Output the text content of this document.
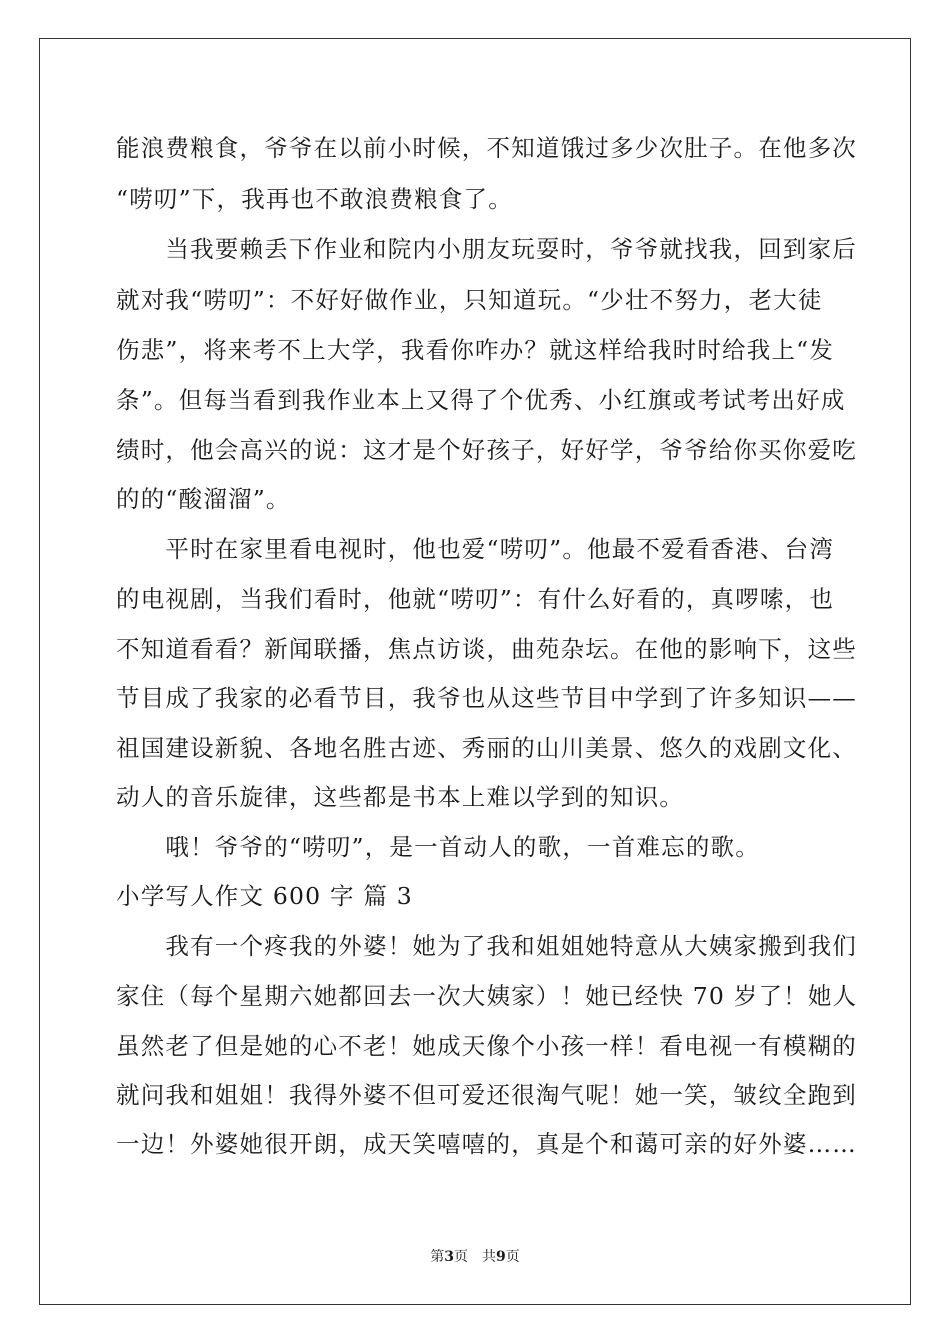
能浪费粮食，爷爷在以前小时候，不知道饿过多少次肚子。在他多次
“唠叨”下，我再也不敢浪费粮食了。
　　当我要赖丢下作业和院内小朋友玩耍时，爷爷就找我，回到家后
就对我“唠叨”：不好好做作业，只知道玩。“少壮不努力，老大徒
伤悲”，将来考不上大学，我看你咋办？就这样给我时时给我上“发
条”。但每当看到我作业本上又得了个优秀、小红旗或考试考出好成
绩时，他会高兴的说：这才是个好孩子，好好学，爷爷给你买你爱吃
的的“酸溜溜”。
　　平时在家里看电视时，他也爱“唠叨”。他最不爱看香港、台湾
的电视剧，当我们看时，他就“唠叨”：有什么好看的，真啰嗦，也
不知道看看？新闻联播，焦点访谈，曲苑杂坛。在他的影响下，这些
节目成了我家的必看节目，我爷也从这些节目中学到了许多知识——
祖国建设新貌、各地名胜古迹、秀丽的山川美景、悠久的戏剧文化、
动人的音乐旋律，这些都是书本上难以学到的知识。
　　哦！爷爷的“唠叨”，是一首动人的歌，一首难忘的歌。
小学写人作文 600 字 篇 3
　　我有一个疼我的外婆！她为了我和姐姐她特意从大姨家搬到我们
家住（每个星期六她都回去一次大姨家）！她已经快 70 岁了！她人
虽然老了但是她的心不老！她成天像个小孩一样！看电视一有模糊的
就问我和姐姐！我得外婆不但可爱还很淘气呢！她一笑，皱纹全跑到
一边！外婆她很开朗，成天笑嘻嘻的，真是个和蔼可亲的好外婆……
第3页　共9页
